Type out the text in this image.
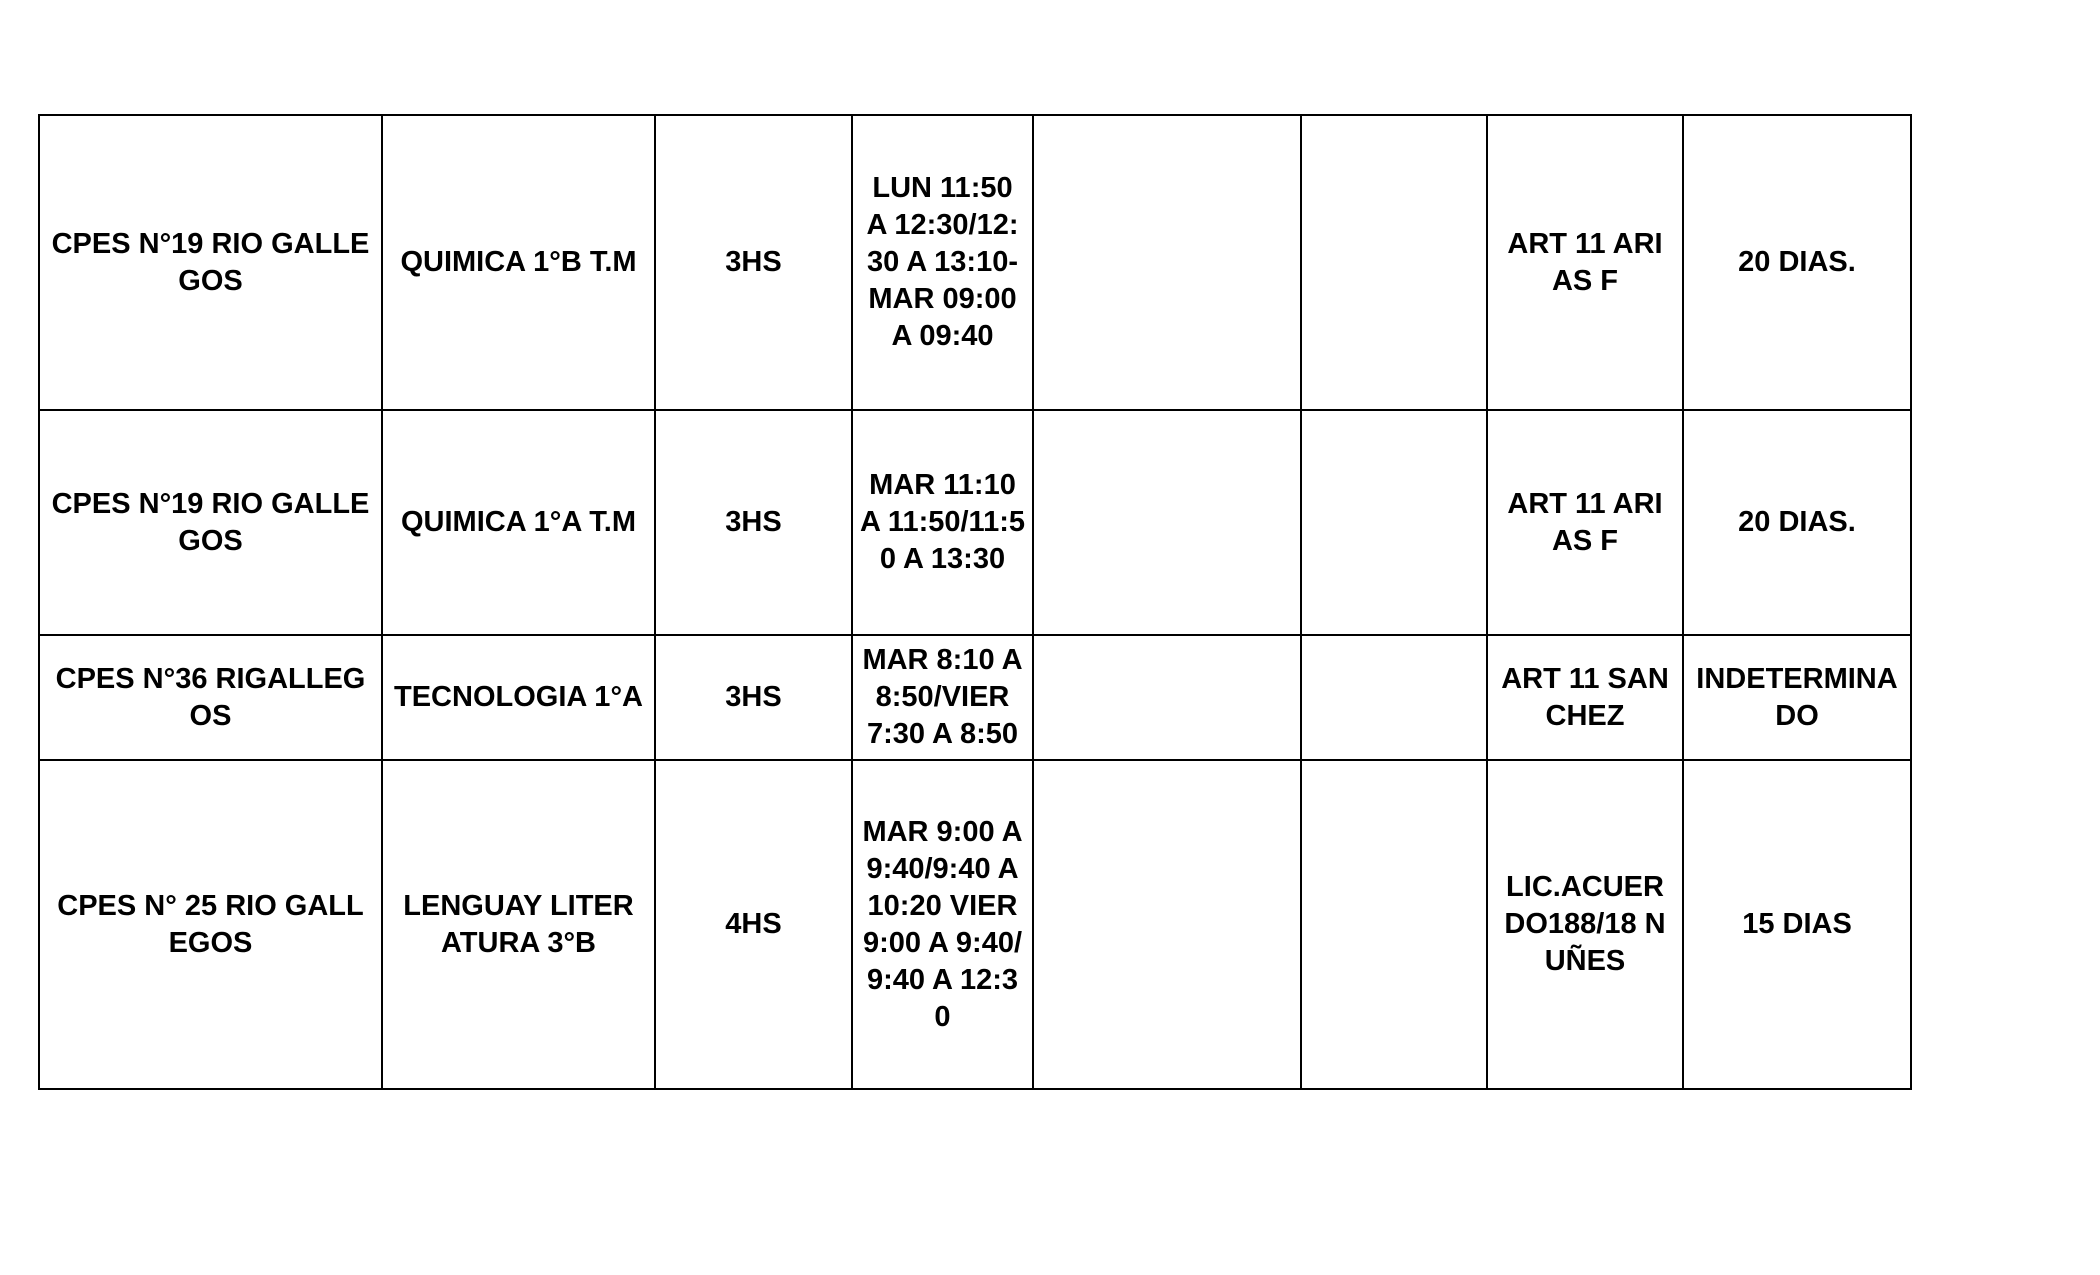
CPES N°19 RIO GALLEGOS	QUIMICA 1°B T.M	3HS	LUN 11:50 A 12:30/12:30 A 13:10-MAR 09:00 A 09:40			ART 11 ARIAS F	20 DIAS.
CPES N°19 RIO GALLEGOS	QUIMICA 1°A T.M	3HS	MAR 11:10 A 11:50/11:50 A 13:30			ART 11 ARIAS F	20 DIAS.
CPES N°36 RIGALLEGOS	TECNOLOGIA 1°A	3HS	MAR 8:10 A 8:50/VIER 7:30 A 8:50			ART 11 SANCHEZ	INDETERMINADO
CPES N° 25 RIO GALLEGOS	LENGUAY LITERATURA 3°B	4HS	MAR 9:00 A 9:40/9:40 A 10:20 VIER 9:00 A 9:40/9:40 A 12:30			LIC.ACUERDO188/18 NUÑES	15 DIAS
